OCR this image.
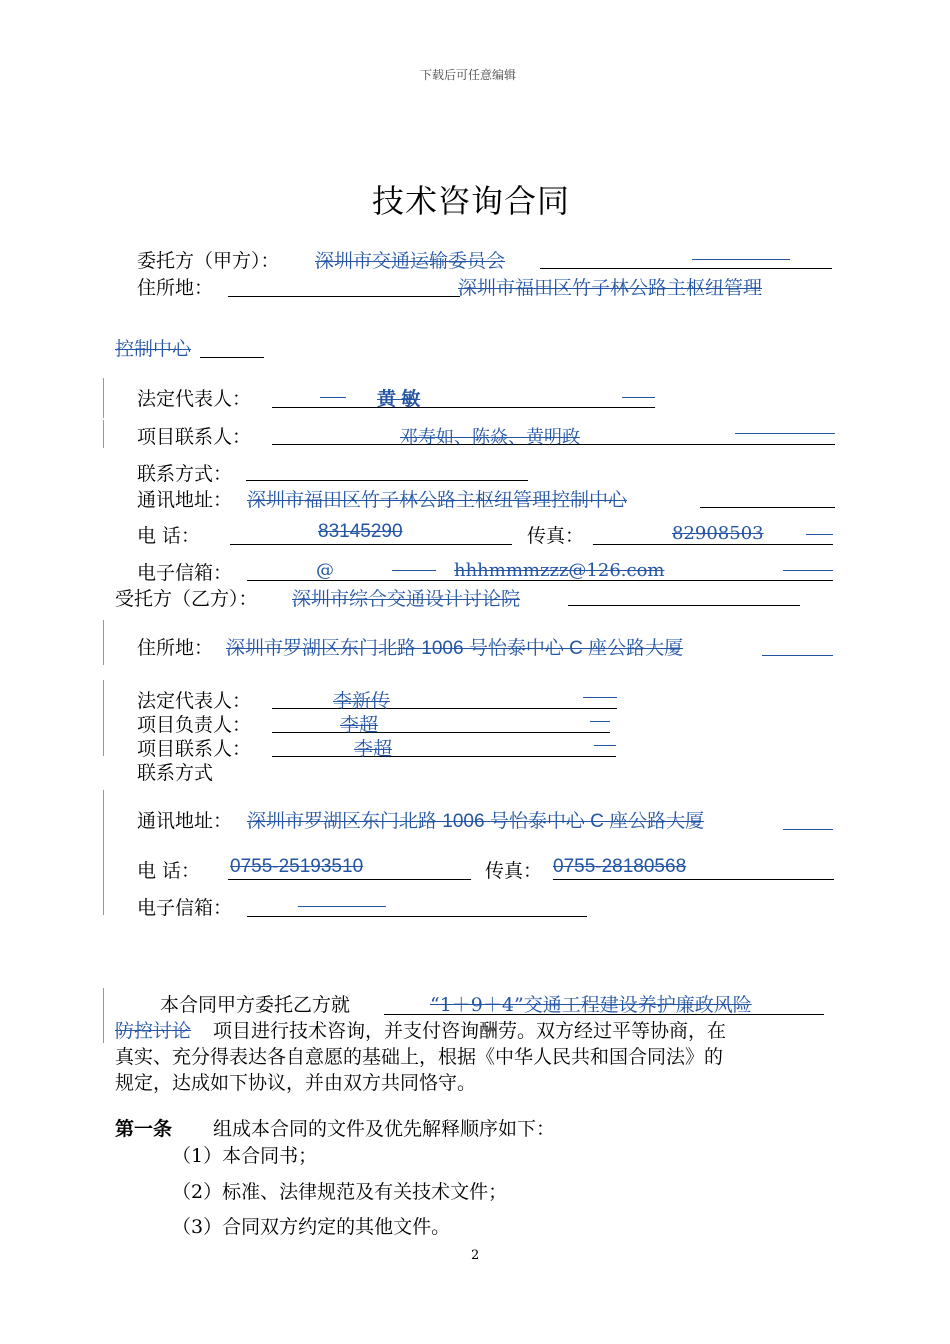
下载后可任意编辑
技术咨询合同
委托方（甲方）： 深圳市交通运输委员会
住所地：	深圳市福田区竹子林公路主枢纽管理
控制中心
法定代表人：	黄 敏
项目联系人：	邓寿如、陈焱、黄明政
联系方式：
通讯地址： 深圳市福田区竹子林公路主枢纽管理控制中心
电 话：	83145290	传真：	82908503
电子信箱：	@	hhhmmmzzz@126.com
受托方（乙方）： 深圳市综合交通设计讨论院
住所地： 深圳市罗湖区东门北路 1006 号怡泰中心 C 座公路大厦
法定代表人：	李新传
项目负责人：	李超
项目联系人：	李超
联系方式
通讯地址： 深圳市罗湖区东门北路 1006 号怡泰中心 C 座公路大厦
电 话： 0755-25193510	传真： 0755-28180568
电子信箱：
本合同甲方委托乙方就	“1＋9＋4”交通工程建设养护廉政风险
防控讨论 项目进行技术咨询，并支付咨询酬劳。双方经过平等协商，在
真实、充分得表达各自意愿的基础上，根据《中华人民共和国合同法》的
规定，达成如下协议，并由双方共同恪守。
第一条 组成本合同的文件及优先解释顺序如下：
（1）本合同书；
（2）标准、法律规范及有关技术文件；
（3）合同双方约定的其他文件。
2
